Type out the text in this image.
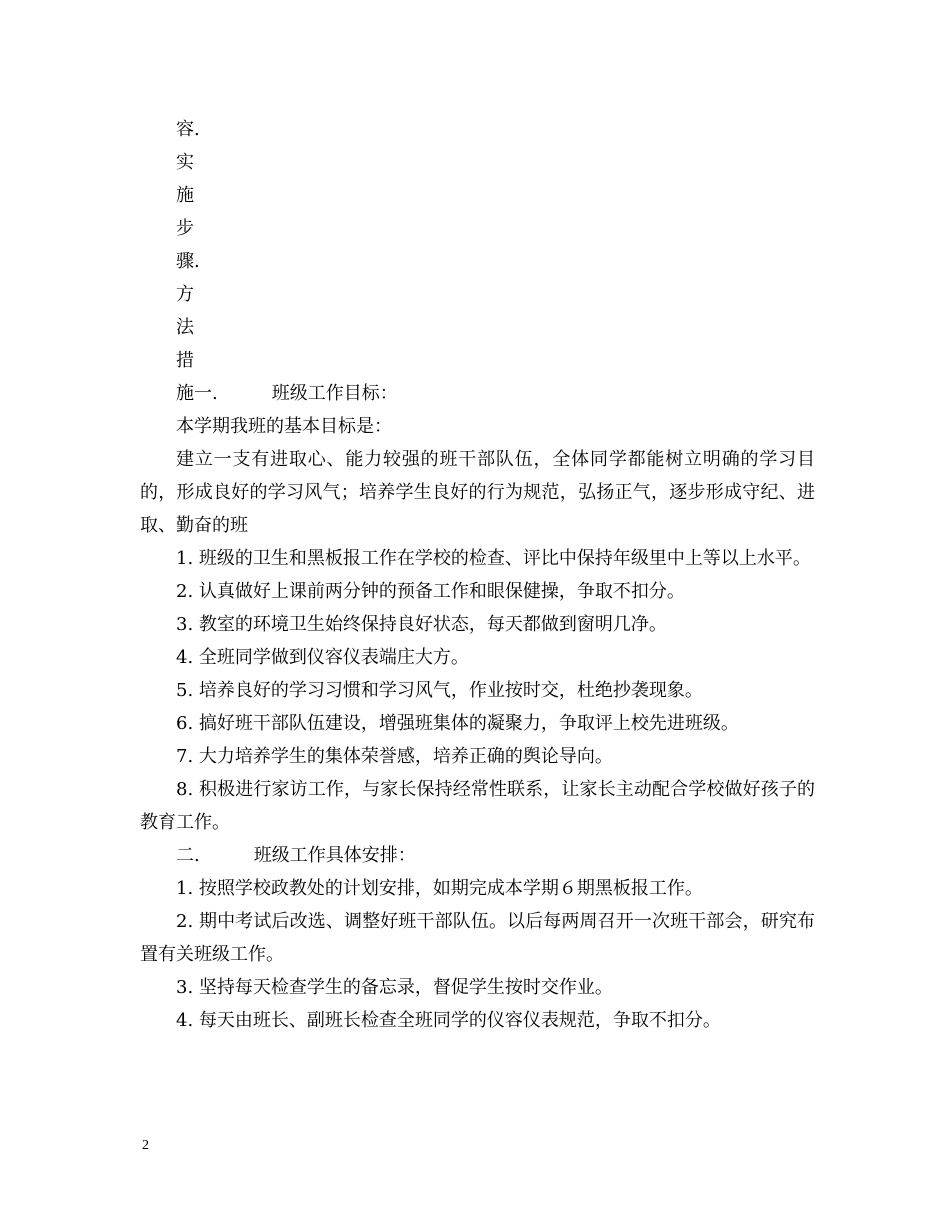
容.
实
施
步
骤.
方
法
措
施一.	班级工作目标：
本学期我班的基本目标是：

建立一支有进取心、能力较强的班干部队伍，全体同学都能树立明确的学习目的，形成良好的学习风气；培养学生良好的行为规范，弘扬正气，逐步形成守纪、进取、勤奋的班

1. 班级的卫生和黑板报工作在学校的检查、评比中保持年级里中上等以上水平。

2. 认真做好上课前两分钟的预备工作和眼保健操，争取不扣分。

3. 教室的环境卫生始终保持良好状态，每天都做到窗明几净。

4. 全班同学做到仪容仪表端庄大方。

5. 培养良好的学习习惯和学习风气，作业按时交，杜绝抄袭现象。

6. 搞好班干部队伍建设，增强班集体的凝聚力，争取评上校先进班级。

7. 大力培养学生的集体荣誉感，培养正确的舆论导向。

8. 积极进行家访工作，与家长保持经常性联系，让家长主动配合学校做好孩子的教育工作。

二.	班级工作具体安排：

1. 按照学校政教处的计划安排，如期完成本学期６期黑板报工作。

2. 期中考试后改选、调整好班干部队伍。以后每两周召开一次班干部会，研究布置有关班级工作。

3. 坚持每天检查学生的备忘录，督促学生按时交作业。

4. 每天由班长、副班长检查全班同学的仪容仪表规范，争取不扣分。

2
